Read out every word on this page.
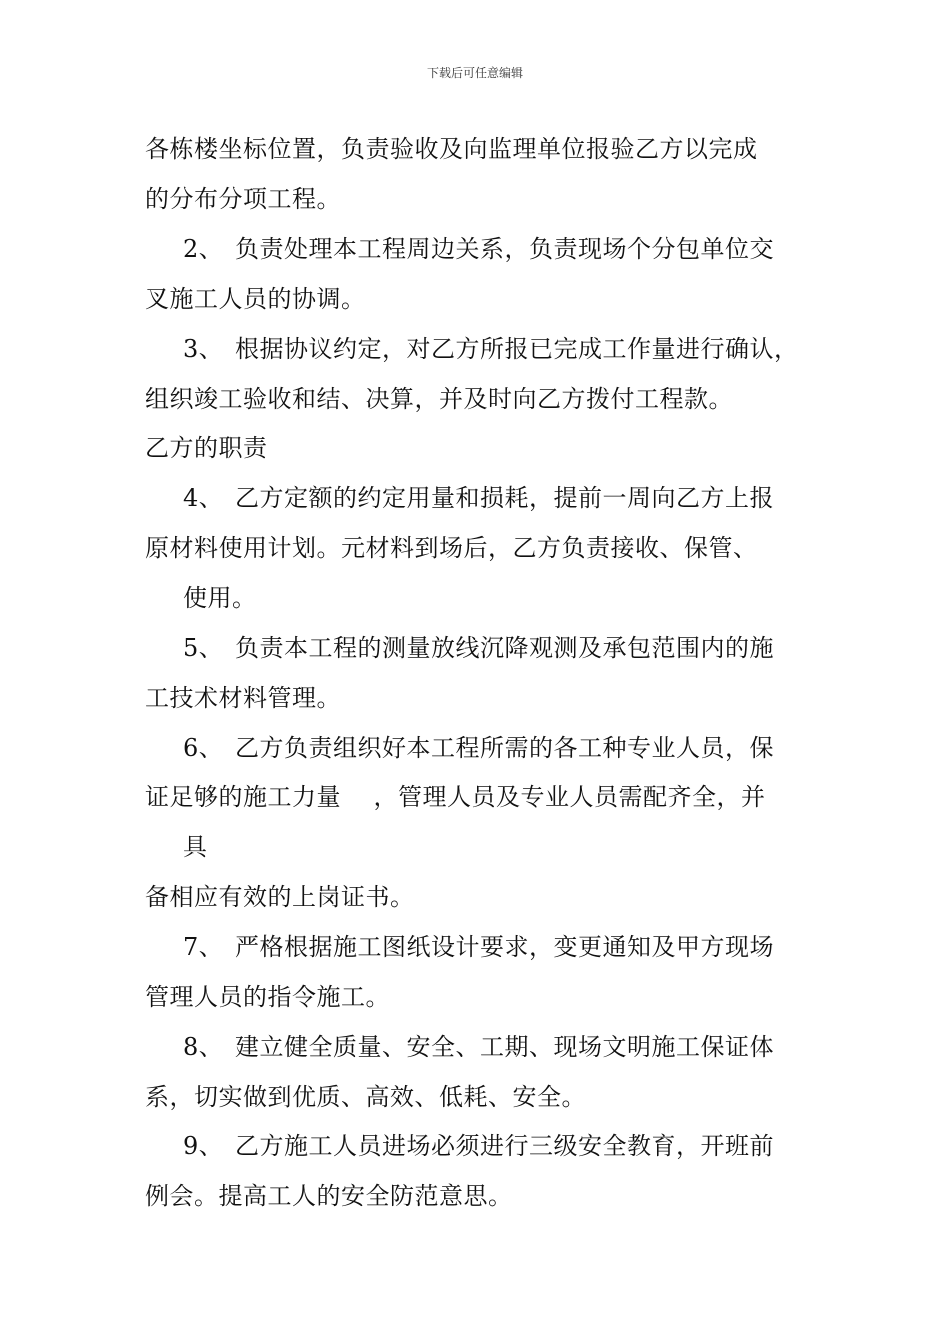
下载后可任意编辑
各栋楼坐标位置，负责验收及向监理单位报验乙方以完成
的分布分项工程。
2、 负责处理本工程周边关系，负责现场个分包单位交
叉施工人员的协调。
3、 根据协议约定，对乙方所报已完成工作量进行确认，
组织竣工验收和结、决算，并及时向乙方拨付工程款。
乙方的职责
4、 乙方定额的约定用量和损耗，提前一周向乙方上报
原材料使用计划。元材料到场后，乙方负责接收、保管、
使用。
5、 负责本工程的测量放线沉降观测及承包范围内的施
工技术材料管理。
6、 乙方负责组织好本工程所需的各工种专业人员，保
证足够的施工力量    ，管理人员及专业人员需配齐全，并
具
备相应有效的上岗证书。
7、 严格根据施工图纸设计要求，变更通知及甲方现场
管理人员的指令施工。
8、 建立健全质量、安全、工期、现场文明施工保证体
系，切实做到优质、高效、低耗、安全。
9、 乙方施工人员进场必须进行三级安全教育，开班前
例会。提高工人的安全防范意思。
